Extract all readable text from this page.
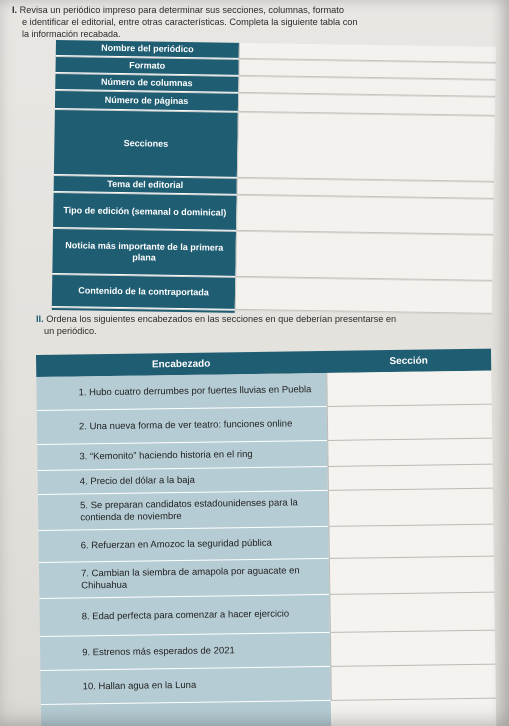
I. Revisa un periódico impreso para determinar sus secciones, columnas, formato
e identificar el editorial, entre otras características. Completa la siguiente tabla con
la información recabada.
Nombre del periódico
Formato
Número de columnas
Número de páginas
Secciones
Tema del editorial
Tipo de edición (semanal o dominical)
Noticia más importante de la primera plana
Contenido de la contraportada
II. Ordena los siguientes encabezados en las secciones en que deberían presentarse en
un periódico.
Encabezado	Sección
1. Hubo cuatro derrumbes por fuertes lluvias en Puebla
2. Una nueva forma de ver teatro: funciones online
3. “Kemonito” haciendo historia en el ring
4. Precio del dólar a la baja
5. Se preparan candidatos estadounidenses para la contienda de noviembre
6. Refuerzan en Amozoc la seguridad pública
7. Cambian la siembra de amapola por aguacate en Chihuahua
8. Edad perfecta para comenzar a hacer ejercicio
9. Estrenos más esperados de 2021
10. Hallan agua en la Luna
